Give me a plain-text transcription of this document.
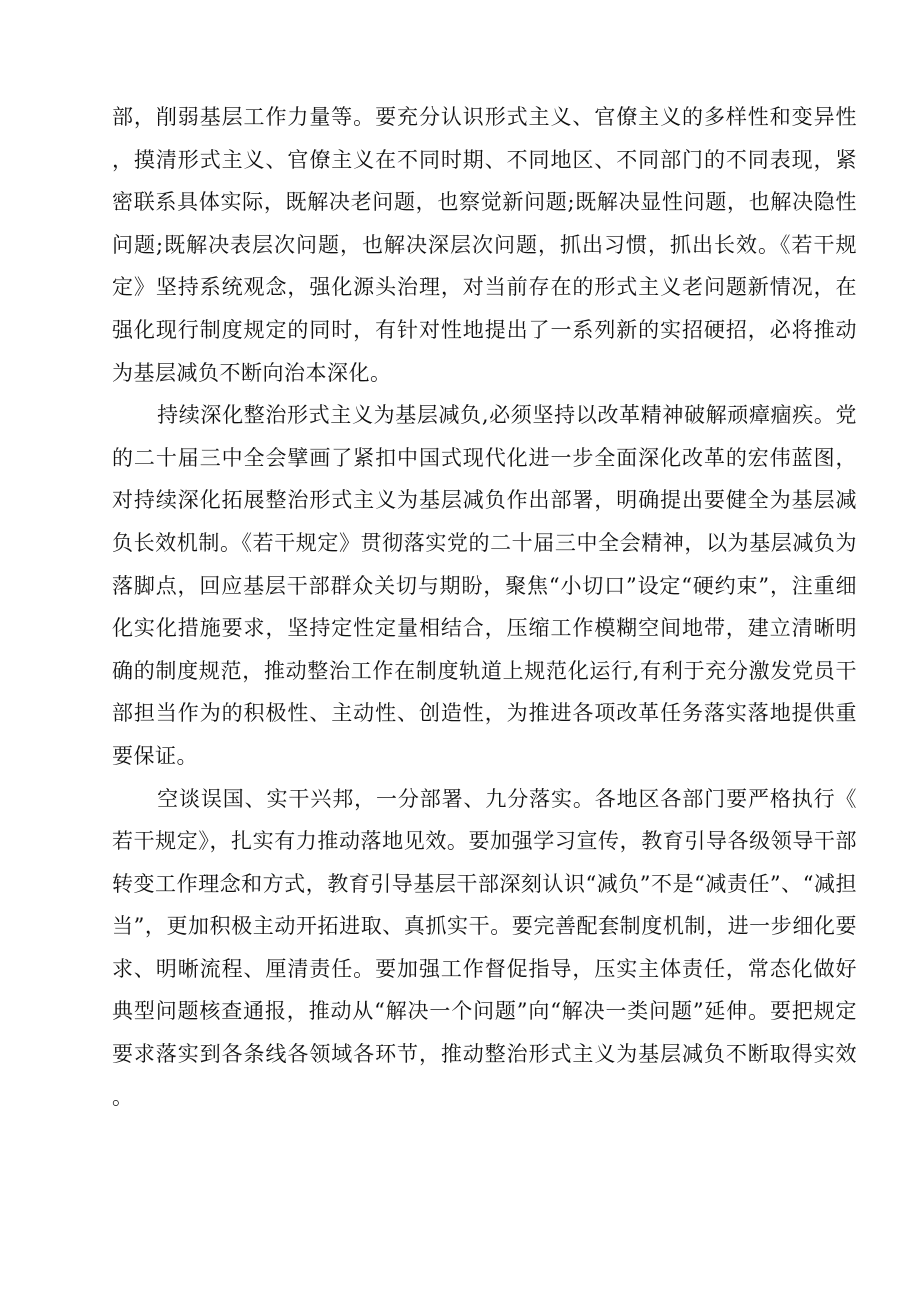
部，削弱基层工作力量等。要充分认识形式主义、官僚主义的多样性和变异性，摸清形式主义、官僚主义在不同时期、不同地区、不同部门的不同表现，紧密联系具体实际，既解决老问题，也察觉新问题;既解决显性问题，也解决隐性问题;既解决表层次问题，也解决深层次问题，抓出习惯，抓出长效。《若干规定》坚持系统观念，强化源头治理，对当前存在的形式主义老问题新情况，在强化现行制度规定的同时，有针对性地提出了一系列新的实招硬招，必将推动为基层减负不断向治本深化。

持续深化整治形式主义为基层减负,必须坚持以改革精神破解顽瘴痼疾。党的二十届三中全会擘画了紧扣中国式现代化进一步全面深化改革的宏伟蓝图，对持续深化拓展整治形式主义为基层减负作出部署，明确提出要健全为基层减负长效机制。《若干规定》贯彻落实党的二十届三中全会精神，以为基层减负为落脚点，回应基层干部群众关切与期盼，聚焦“小切口”设定“硬约束”，注重细化实化措施要求，坚持定性定量相结合，压缩工作模糊空间地带，建立清晰明确的制度规范，推动整治工作在制度轨道上规范化运行,有利于充分激发党员干部担当作为的积极性、主动性、创造性，为推进各项改革任务落实落地提供重要保证。

空谈误国、实干兴邦，一分部署、九分落实。各地区各部门要严格执行《若干规定》，扎实有力推动落地见效。要加强学习宣传，教育引导各级领导干部转变工作理念和方式，教育引导基层干部深刻认识“减负”不是“减责任”、“减担当”，更加积极主动开拓进取、真抓实干。要完善配套制度机制，进一步细化要求、明晰流程、厘清责任。要加强工作督促指导，压实主体责任，常态化做好典型问题核查通报，推动从“解决一个问题”向“解决一类问题”延伸。要把规定要求落实到各条线各领域各环节，推动整治形式主义为基层减负不断取得实效。
